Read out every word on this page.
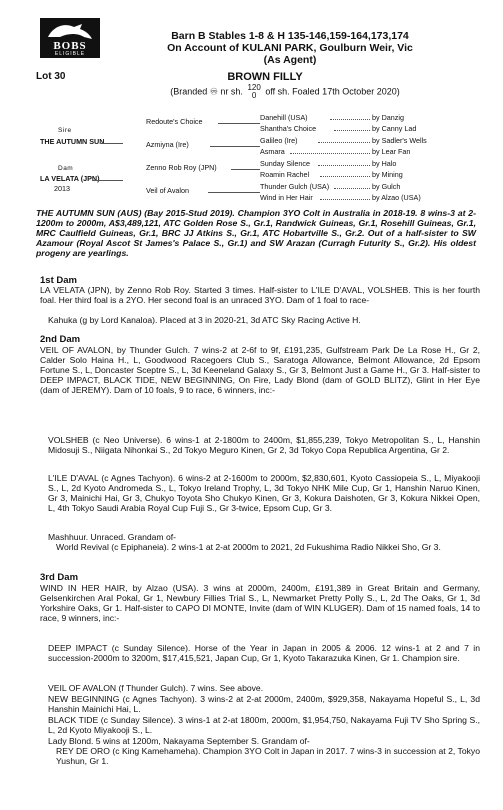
BOBS
ELIGIBLE
Barn B Stables 1-8 & H 135-146,159-164,173,174
On Account of KULANI PARK, Goulburn Weir, Vic
(As Agent)
Lot 30	BROWN FILLY
(Branded ♾ nr sh. 120
0 off sh. Foaled 17th October 2020)
Sire
THE AUTUMN SUN
Dam
LA VELATA (JPN)
2013
Redoute's Choice
Azmiyna (Ire)
Zenno Rob Roy (JPN)
Veil of Avalon
Danehill (USA)
Shantha's Choice
Galileo (Ire)
Asmara
Sunday Silence
Roamin Rachel
Thunder Gulch (USA)
Wind in Her Hair
by Danzig
by Canny Lad
by Sadler's Wells
by Lear Fan
by Halo
by Mining
by Gulch
by Alzao (USA)
THE AUTUMN SUN (AUS) (Bay 2015-Stud 2019). Champion 3YO Colt in Australia in 2018-19. 8 wins-3 at 2-1200m to 2000m, A$3,489,121, ATC Golden Rose S., Gr.1, Randwick Guineas, Gr.1, Rosehill Guineas, Gr.1, MRC Caulfield Guineas, Gr.1, BRC JJ Atkins S., Gr.1, ATC Hobartville S., Gr.2. Out of a half-sister to SW Azamour (Royal Ascot St James's Palace S., Gr.1) and SW Arazan (Curragh Futurity S., Gr.2). His oldest progeny are yearlings.
1st Dam
LA VELATA (JPN), by Zenno Rob Roy. Started 3 times. Half-sister to L'ILE D'AVAL, VOLSHEB. This is her fourth foal. Her third foal is a 2YO. Her second foal is an unraced 3YO. Dam of 1 foal to race-
Kahuka (g by Lord Kanaloa). Placed at 3 in 2020-21, 3d ATC Sky Racing Active H.
2nd Dam
VEIL OF AVALON, by Thunder Gulch. 7 wins-2 at 2-6f to 9f, £191,235, Gulfstream Park De La Rose H., Gr 2, Calder Solo Haina H., L, Goodwood Racegoers Club S., Saratoga Allowance, Belmont Allowance, 2d Epsom Fortune S., L, Doncaster Sceptre S., L, 3d Keeneland Galaxy S., Gr 3, Belmont Just a Game H., Gr 3. Half-sister to DEEP IMPACT, BLACK TIDE, NEW BEGINNING, On Fire, Lady Blond (dam of GOLD BLITZ), Glint in Her Eye (dam of JEREMY). Dam of 10 foals, 9 to race, 6 winners, inc:-
VOLSHEB (c Neo Universe). 6 wins-1 at 2-1800m to 2400m, $1,855,239, Tokyo Metropolitan S., L, Hanshin Midosuji S., Niigata Nihonkai S., 2d Tokyo Meguro Kinen, Gr 2, 3d Tokyo Copa Republica Argentina, Gr 2.
L'ILE D'AVAL (c Agnes Tachyon). 6 wins-2 at 2-1600m to 2000m, $2,830,601, Kyoto Cassiopeia S., L, Miyakooji S., L, 2d Kyoto Andromeda S., L, Tokyo Ireland Trophy, L, 3d Tokyo NHK Mile Cup, Gr 1, Hanshin Naruo Kinen, Gr 3, Mainichi Hai, Gr 3, Chukyo Toyota Sho Chukyo Kinen, Gr 3, Kokura Daishoten, Gr 3, Kokura Nikkei Open, L, 4th Tokyo Saudi Arabia Royal Cup Fuji S., Gr 3-twice, Epsom Cup, Gr 3.
Mashhuur. Unraced. Grandam of-
World Revival (c Epiphaneia). 2 wins-1 at 2-at 2000m to 2021, 2d Fukushima Radio Nikkei Sho, Gr 3.
3rd Dam
WIND IN HER HAIR, by Alzao (USA). 3 wins at 2000m, 2400m, £191,389 in Great Britain and Germany, Gelsenkirchen Aral Pokal, Gr 1, Newbury Fillies Trial S., L, Newmarket Pretty Polly S., L, 2d The Oaks, Gr 1, 3d Yorkshire Oaks, Gr 1. Half-sister to CAPO DI MONTE, Invite (dam of WIN KLUGER). Dam of 15 named foals, 14 to race, 9 winners, inc:-
DEEP IMPACT (c Sunday Silence). Horse of the Year in Japan in 2005 & 2006. 12 wins-1 at 2 and 7 in succession-2000m to 3200m, $17,415,521, Japan Cup, Gr 1, Kyoto Takarazuka Kinen, Gr 1. Champion sire.
VEIL OF AVALON (f Thunder Gulch). 7 wins. See above.
NEW BEGINNING (c Agnes Tachyon). 3 wins-2 at 2-at 2000m, 2400m, $929,358, Nakayama Hopeful S., L, 3d Hanshin Mainichi Hai, L.
BLACK TIDE (c Sunday Silence). 3 wins-1 at 2-at 1800m, 2000m, $1,954,750, Nakayama Fuji TV Sho Spring S., L, 2d Kyoto Miyakooji S., L.
Lady Blond. 5 wins at 1200m, Nakayama September S. Grandam of-
REY DE ORO (c King Kamehameha). Champion 3YO Colt in Japan in 2017. 7 wins-3 in succession at 2, Tokyo Yushun, Gr 1.
